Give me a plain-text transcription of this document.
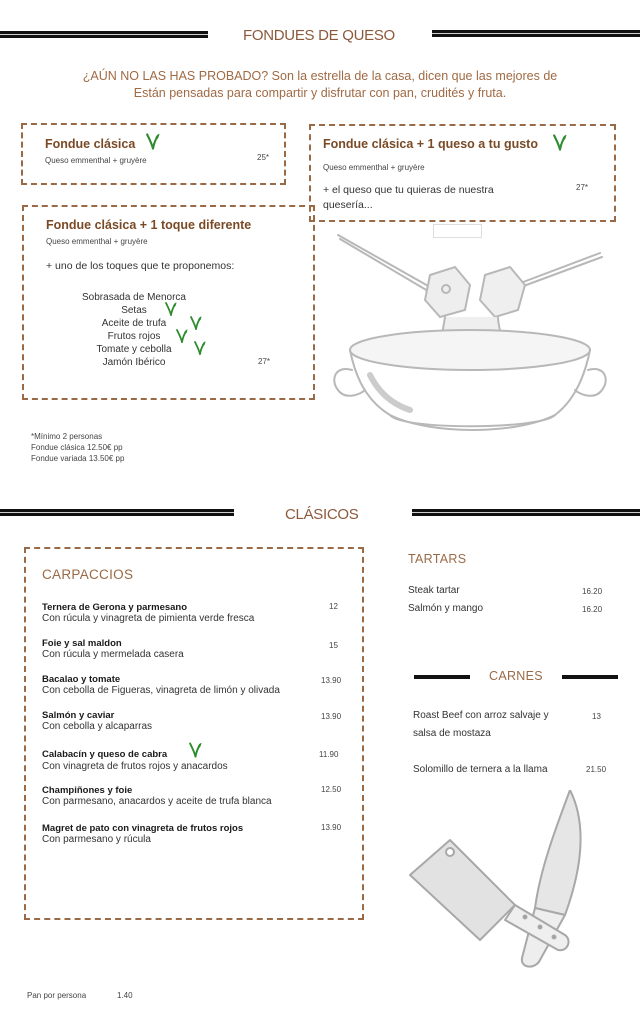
FONDUES DE QUESO
¿AÚN NO LAS HAS PROBADO? Son la estrella de la casa, dicen que las mejores de
Están pensadas para compartir y disfrutar con pan, crudités y fruta.
Fondue clásica
Queso emmenthal + gruyère	25*
Fondue clásica + 1 queso a tu gusto
Queso emmenthal + gruyère
+ el queso que tu quieras de nuestra
quesería...
27*
Fondue clásica + 1 toque diferente
Queso emmenthal + gruyère
+ uno de los toques que te proponemos:
Sobrasada de Menorca
Setas
Aceite de trufa
Frutos rojos
Tomate y cebolla
Jamón Ibérico	27*
*Mínimo 2 personas
Fondue clásica 12.50€ pp
Fondue variada 13.50€ pp
CLÁSICOS
CARPACCIOS
Ternera de Gerona y parmesano
Con rúcula y vinagreta de pimienta verde fresca
12
Foie y sal maldon
Con rúcula y mermelada casera
15
Bacalao y tomate
Con cebolla de Figueras, vinagreta de limón y olivada
13.90
Salmón y caviar
Con cebolla y alcaparras
13.90
Calabacín y queso de cabra
Con vinagreta de frutos rojos y anacardos
11.90
Champiñones y foie
Con parmesano, anacardos y aceite de trufa blanca
12.50
Magret de pato con vinagreta de frutos rojos
Con parmesano y rúcula
13.90
TARTARS
Steak tartar	16.20
Salmón y mango	16.20
CARNES
Roast Beef con arroz salvaje y
salsa de mostaza
13
Solomillo de ternera a la llama	21.50
Pan por persona	1.40
